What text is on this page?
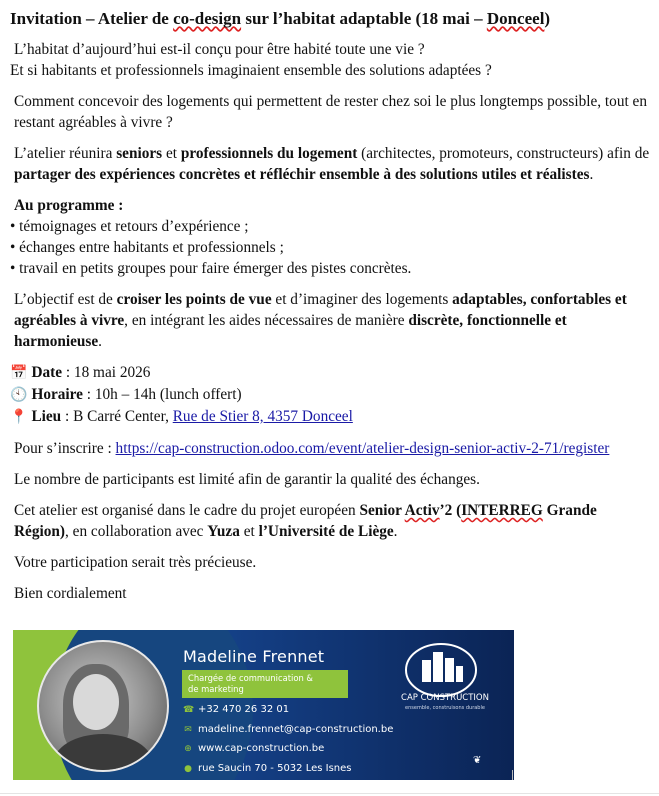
Invitation – Atelier de co-design sur l’habitat adaptable (18 mai – Donceel)

L’habitat d’aujourd’hui est-il conçu pour être habité toute une vie ?
Et si habitants et professionnels imaginaient ensemble des solutions adaptées ?

Comment concevoir des logements qui permettent de rester chez soi le plus longtemps possible, tout en restant agréables à vivre ?

L’atelier réunira seniors et professionnels du logement (architectes, promoteurs, constructeurs) afin de partager des expériences concrètes et réfléchir ensemble à des solutions utiles et réalistes.

Au programme :
• témoignages et retours d’expérience ;
• échanges entre habitants et professionnels ;
• travail en petits groupes pour faire émerger des pistes concrètes.

L’objectif est de croiser les points de vue et d’imaginer des logements adaptables, confortables et agréables à vivre, en intégrant les aides nécessaires de manière discrète, fonctionnelle et harmonieuse.

📅 Date : 18 mai 2026
🕙 Horaire : 10h – 14h (lunch offert)
📍 Lieu : B Carré Center, Rue de Stier 8, 4357 Donceel

Pour s’inscrire : https://cap-construction.odoo.com/event/atelier-design-senior-activ-2-71/register

Le nombre de participants est limité afin de garantir la qualité des échanges.

Cet atelier est organisé dans le cadre du projet européen Senior Activ’2 (INTERREG Grande Région), en collaboration avec Yuza et l’Université de Liège.

Votre participation serait très précieuse.

Bien cordialement

Madeline Frennet
Chargée de communication &
de marketing
☎ +32 470 26 32 01
✉ madeline.frennet@cap-construction.be
⊕ www.cap-construction.be
● rue Saucin 70 - 5032 Les Isnes
CAP CONSTRUCTION
ensemble, construisons durable
❦
